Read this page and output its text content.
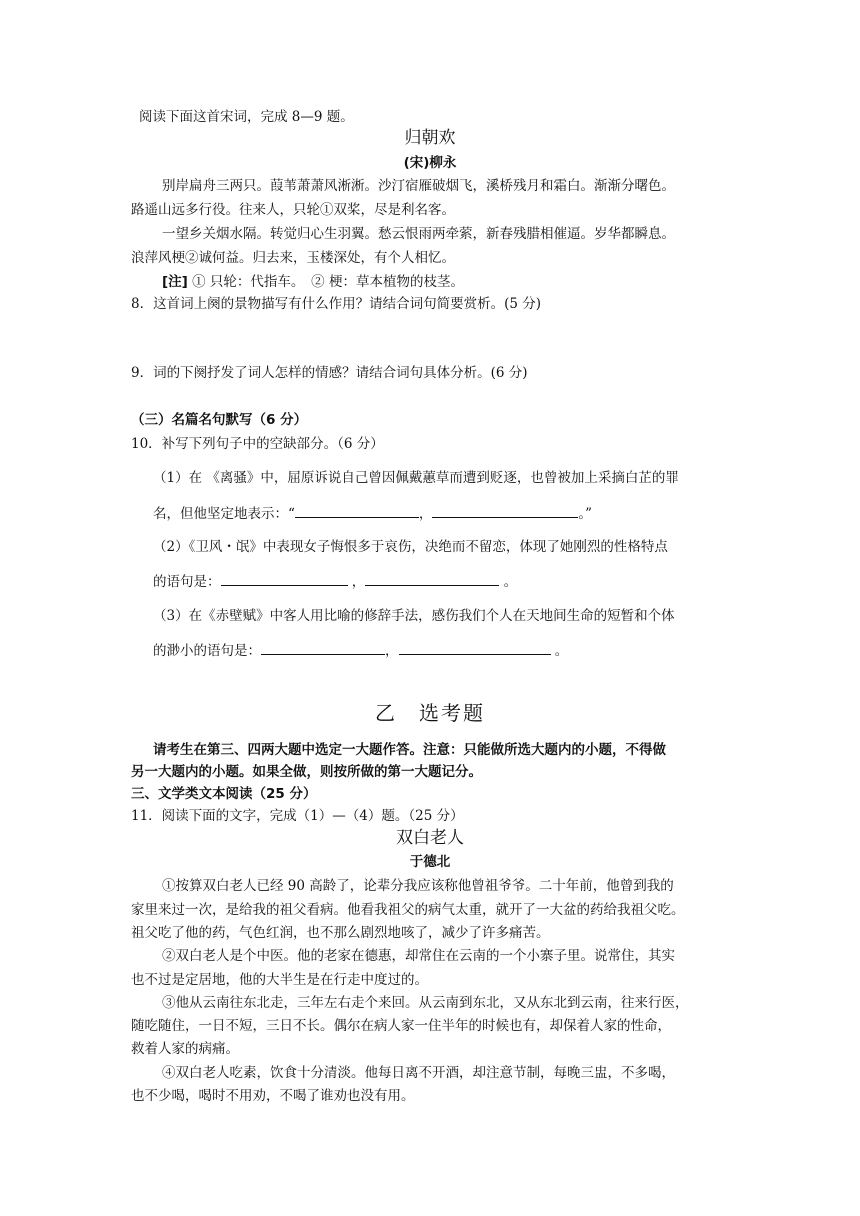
阅读下面这首宋词，完成 8—9 题。
归朝欢
(宋)柳永
别岸扁舟三两只。葭苇萧萧风淅淅。沙汀宿雁破烟飞，溪桥残月和霜白。渐渐分曙色。
路遥山远多行役。往来人，只轮①双桨，尽是利名客。
一望乡关烟水隔。转觉归心生羽翼。愁云恨雨两牵萦，新春残腊相催逼。岁华都瞬息。
浪萍风梗②诚何益。归去来，玉楼深处，有个人相忆。
[注] ① 只轮：代指车。　② 梗：草本植物的枝茎。
8．这首词上阕的景物描写有什么作用？请结合词句简要赏析。(5 分)
9．词的下阕抒发了词人怎样的情感？请结合词句具体分析。(6 分)
（三）名篇名句默写（6 分）
10．补写下列句子中的空缺部分。（6 分）
（1）在 《离骚》中，屈原诉说自己曾因佩戴蕙草而遭到贬逐，也曾被加上采摘白芷的罪
名，但他坚定地表示：“	，	。”
（2）《卫风・氓》中表现女子悔恨多于哀伤，决绝而不留恋，体现了她刚烈的性格特点
的语句是：	，	。
（3）在《赤壁赋》中客人用比喻的修辞手法，感伤我们个人在天地间生命的短暂和个体
的渺小的语句是：	，	。
乙　选考题
请考生在第三、四两大题中选定一大题作答。注意：只能做所选大题内的小题，不得做
另一大题内的小题。如果全做，则按所做的第一大题记分。
三、文学类文本阅读（25 分）
11．阅读下面的文字，完成（1）—（4）题。（25 分）
双白老人
于德北
①按算双白老人已经 90 高龄了，论辈分我应该称他曾祖爷爷。二十年前，他曾到我的
家里来过一次，是给我的祖父看病。他看我祖父的病气太重，就开了一大盆的药给我祖父吃。
祖父吃了他的药，气色红润，也不那么剧烈地咳了，减少了许多痛苦。
②双白老人是个中医。他的老家在德惠，却常住在云南的一个小寨子里。说常住，其实
也不过是定居地，他的大半生是在行走中度过的。
③他从云南往东北走，三年左右走个来回。从云南到东北，又从东北到云南，往来行医，
随吃随住，一日不短，三日不长。偶尔在病人家一住半年的时候也有，却保着人家的性命，
救着人家的病痛。
④双白老人吃素，饮食十分清淡。他每日离不开酒，却注意节制，每晚三盅，不多喝，
也不少喝，喝时不用劝，不喝了谁劝也没有用。
